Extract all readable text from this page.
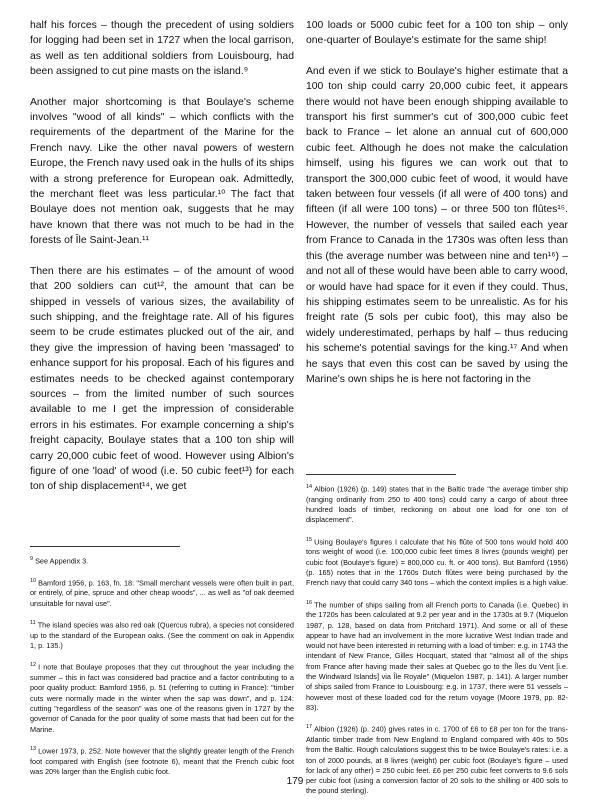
half his forces – though the precedent of using soldiers for logging had been set in 1727 when the local garrison, as well as ten additional soldiers from Louisbourg, had been assigned to cut pine masts on the island.⁹

Another major shortcoming is that Boulaye's scheme involves "wood of all kinds" – which conflicts with the requirements of the department of the Marine for the French navy. Like the other naval powers of western Europe, the French navy used oak in the hulls of its ships with a strong preference for European oak. Admittedly, the merchant fleet was less particular.¹⁰ The fact that Boulaye does not mention oak, suggests that he may have known that there was not much to be had in the forests of Île Saint-Jean.¹¹

Then there are his estimates – of the amount of wood that 200 soldiers can cut¹², the amount that can be shipped in vessels of various sizes, the availability of such shipping, and the freightage rate. All of his figures seem to be crude estimates plucked out of the air, and they give the impression of having been 'massaged' to enhance support for his proposal. Each of his figures and estimates needs to be checked against contemporary sources – from the limited number of such sources available to me I get the impression of considerable errors in his estimates. For example concerning a ship's freight capacity, Boulaye states that a 100 ton ship will carry 20,000 cubic feet of wood. However using Albion's figure of one 'load' of wood (i.e. 50 cubic feet¹³) for each ton of ship displacement¹⁴, we get

100 loads or 5000 cubic feet for a 100 ton ship – only one-quarter of Boulaye's estimate for the same ship!

And even if we stick to Boulaye's higher estimate that a 100 ton ship could carry 20,000 cubic feet, it appears there would not have been enough shipping available to transport his first summer's cut of 300,000 cubic feet back to France – let alone an annual cut of 600,000 cubic feet. Although he does not make the calculation himself, using his figures we can work out that to transport the 300,000 cubic feet of wood, it would have taken between four vessels (if all were of 400 tons) and fifteen (if all were 100 tons) – or three 500 ton flûtes¹⁵. However, the number of vessels that sailed each year from France to Canada in the 1730s was often less than this (the average number was between nine and ten¹⁶) – and not all of these would have been able to carry wood, or would have had space for it even if they could. Thus, his shipping estimates seem to be unrealistic. As for his freight rate (5 sols per cubic foot), this may also be widely underestimated, perhaps by half – thus reducing his scheme's potential savings for the king.¹⁷ And when he says that even this cost can be saved by using the Marine's own ships he is here not factoring in the

$^9$ See Appendix 3.
$^{10}$ Bamford 1956, p. 163, fn. 18: "Small merchant vessels were often built in part, or entirely, of pine, spruce and other cheap woods", ... as well as "of oak deemed unsuitable for naval use".
$^{11}$ The island species was also red oak (Quercus rubra), a species not considered up to the standard of the European oaks. (See the comment on oak in Appendix 1, p. 135.)
$^{12}$ I note that Boulaye proposes that they cut throughout the year including the summer – this in fact was considered bad practice and a factor contributing to a poor quality product: Bamford 1956, p. 51 (referring to cutting in France): "timber cuts were normally made in the winter when the sap was down", and p. 124: cutting "regardless of the season" was one of the reasons given in 1727 by the governor of Canada for the poor quality of some masts that had been cut for the Marine.
$^{13}$ Lower 1973, p. 252. Note however that the slightly greater length of the French foot compared with English (see footnote 6), meant that the French cubic foot was 20% larger than the English cubic foot.
$^{14}$ Albion (1926) (p. 149) states that in the Baltic trade "the average timber ship (ranging ordinarily from 250 to 400 tons) could carry a cargo of about three hundred loads of timber, reckoning on about one load for one ton of displacement".
$^{15}$ Using Boulaye's figures I calculate that his flûte of 500 tons would hold 400 tons weight of wood (i.e. 100,000 cubic feet times 8 livres (pounds weight) per cubic foot (Boulaye's figure) = 800,000 cu. ft. or 400 tons). But Bamford (1956) (p. 165) notes that in the 1760s Dutch flûtes were being purchased by the French navy that could carry 340 tons – which the context implies is a high value.
$^{16}$ The number of ships sailing from all French ports to Canada (i.e. Quebec) in the 1720s has been calculated at 9.2 per year and in the 1730s at 9.7 (Miquelon 1987, p. 128, based on data from Pritchard 1971). And some or all of these appear to have had an involvement in the more lucrative West Indian trade and would not have been interested in returning with a load of timber: e.g. in 1743 the intendant of New France, Gilles Hocquart, stated that "almost all of the ships from France after having made their sales at Quebec go to the Îles du Vent [i.e. the Windward Islands] via Île Royale" (Miquelon 1987, p. 141). A larger number of ships sailed from France to Louisbourg: e.g. in 1737, there were 51 vessels – however most of these loaded cod for the return voyage (Moore 1979, pp. 82-83).
$^{17}$ Albion (1926) (p. 240) gives rates in c. 1700 of £6 to £8 per ton for the trans-Atlantic timber trade from New England to England compared with 40s to 50s from the Baltic. Rough calculations suggest this to be twice Boulaye's rates: i.e. a ton of 2000 pounds, at 8 livres (weight) per cubic foot (Boulaye's figure – used for lack of any other) = 250 cubic feet. £6 per 250 cubic feet converts to 9.6 sols per cubic foot (using a conversion factor of 20 sols to the shilling or 400 sols to the pound sterling).
179
